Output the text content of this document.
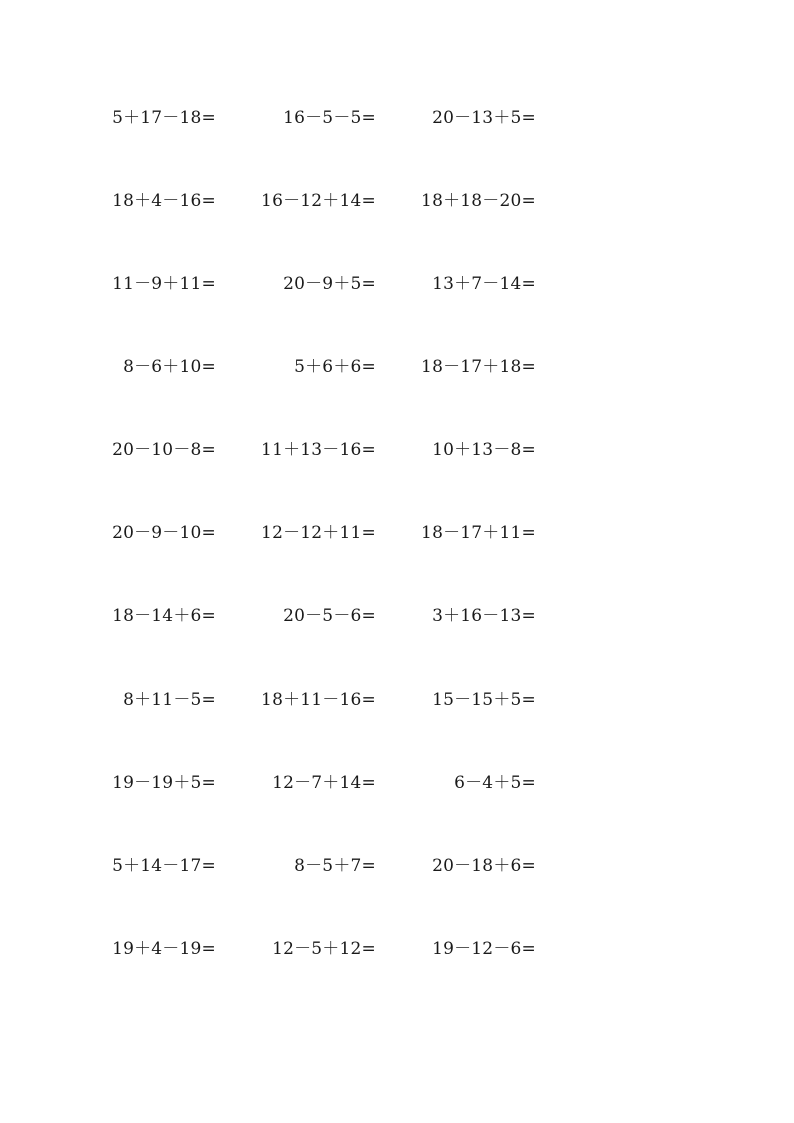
5＋17－18=	16－5－5=	20－13＋5=
18＋4－16=	16－12＋14=	18＋18－20=
11－9＋11=	20－9＋5=	13＋7－14=
8－6＋10=	5＋6＋6=	18－17＋18=
20－10－8=	11＋13－16=	10＋13－8=
20－9－10=	12－12＋11=	18－17＋11=
18－14＋6=	20－5－6=	3＋16－13=
8＋11－5=	18＋11－16=	15－15＋5=
19－19＋5=	12－7＋14=	6－4＋5=
5＋14－17=	8－5＋7=	20－18＋6=
19＋4－19=	12－5＋12=	19－12－6=
